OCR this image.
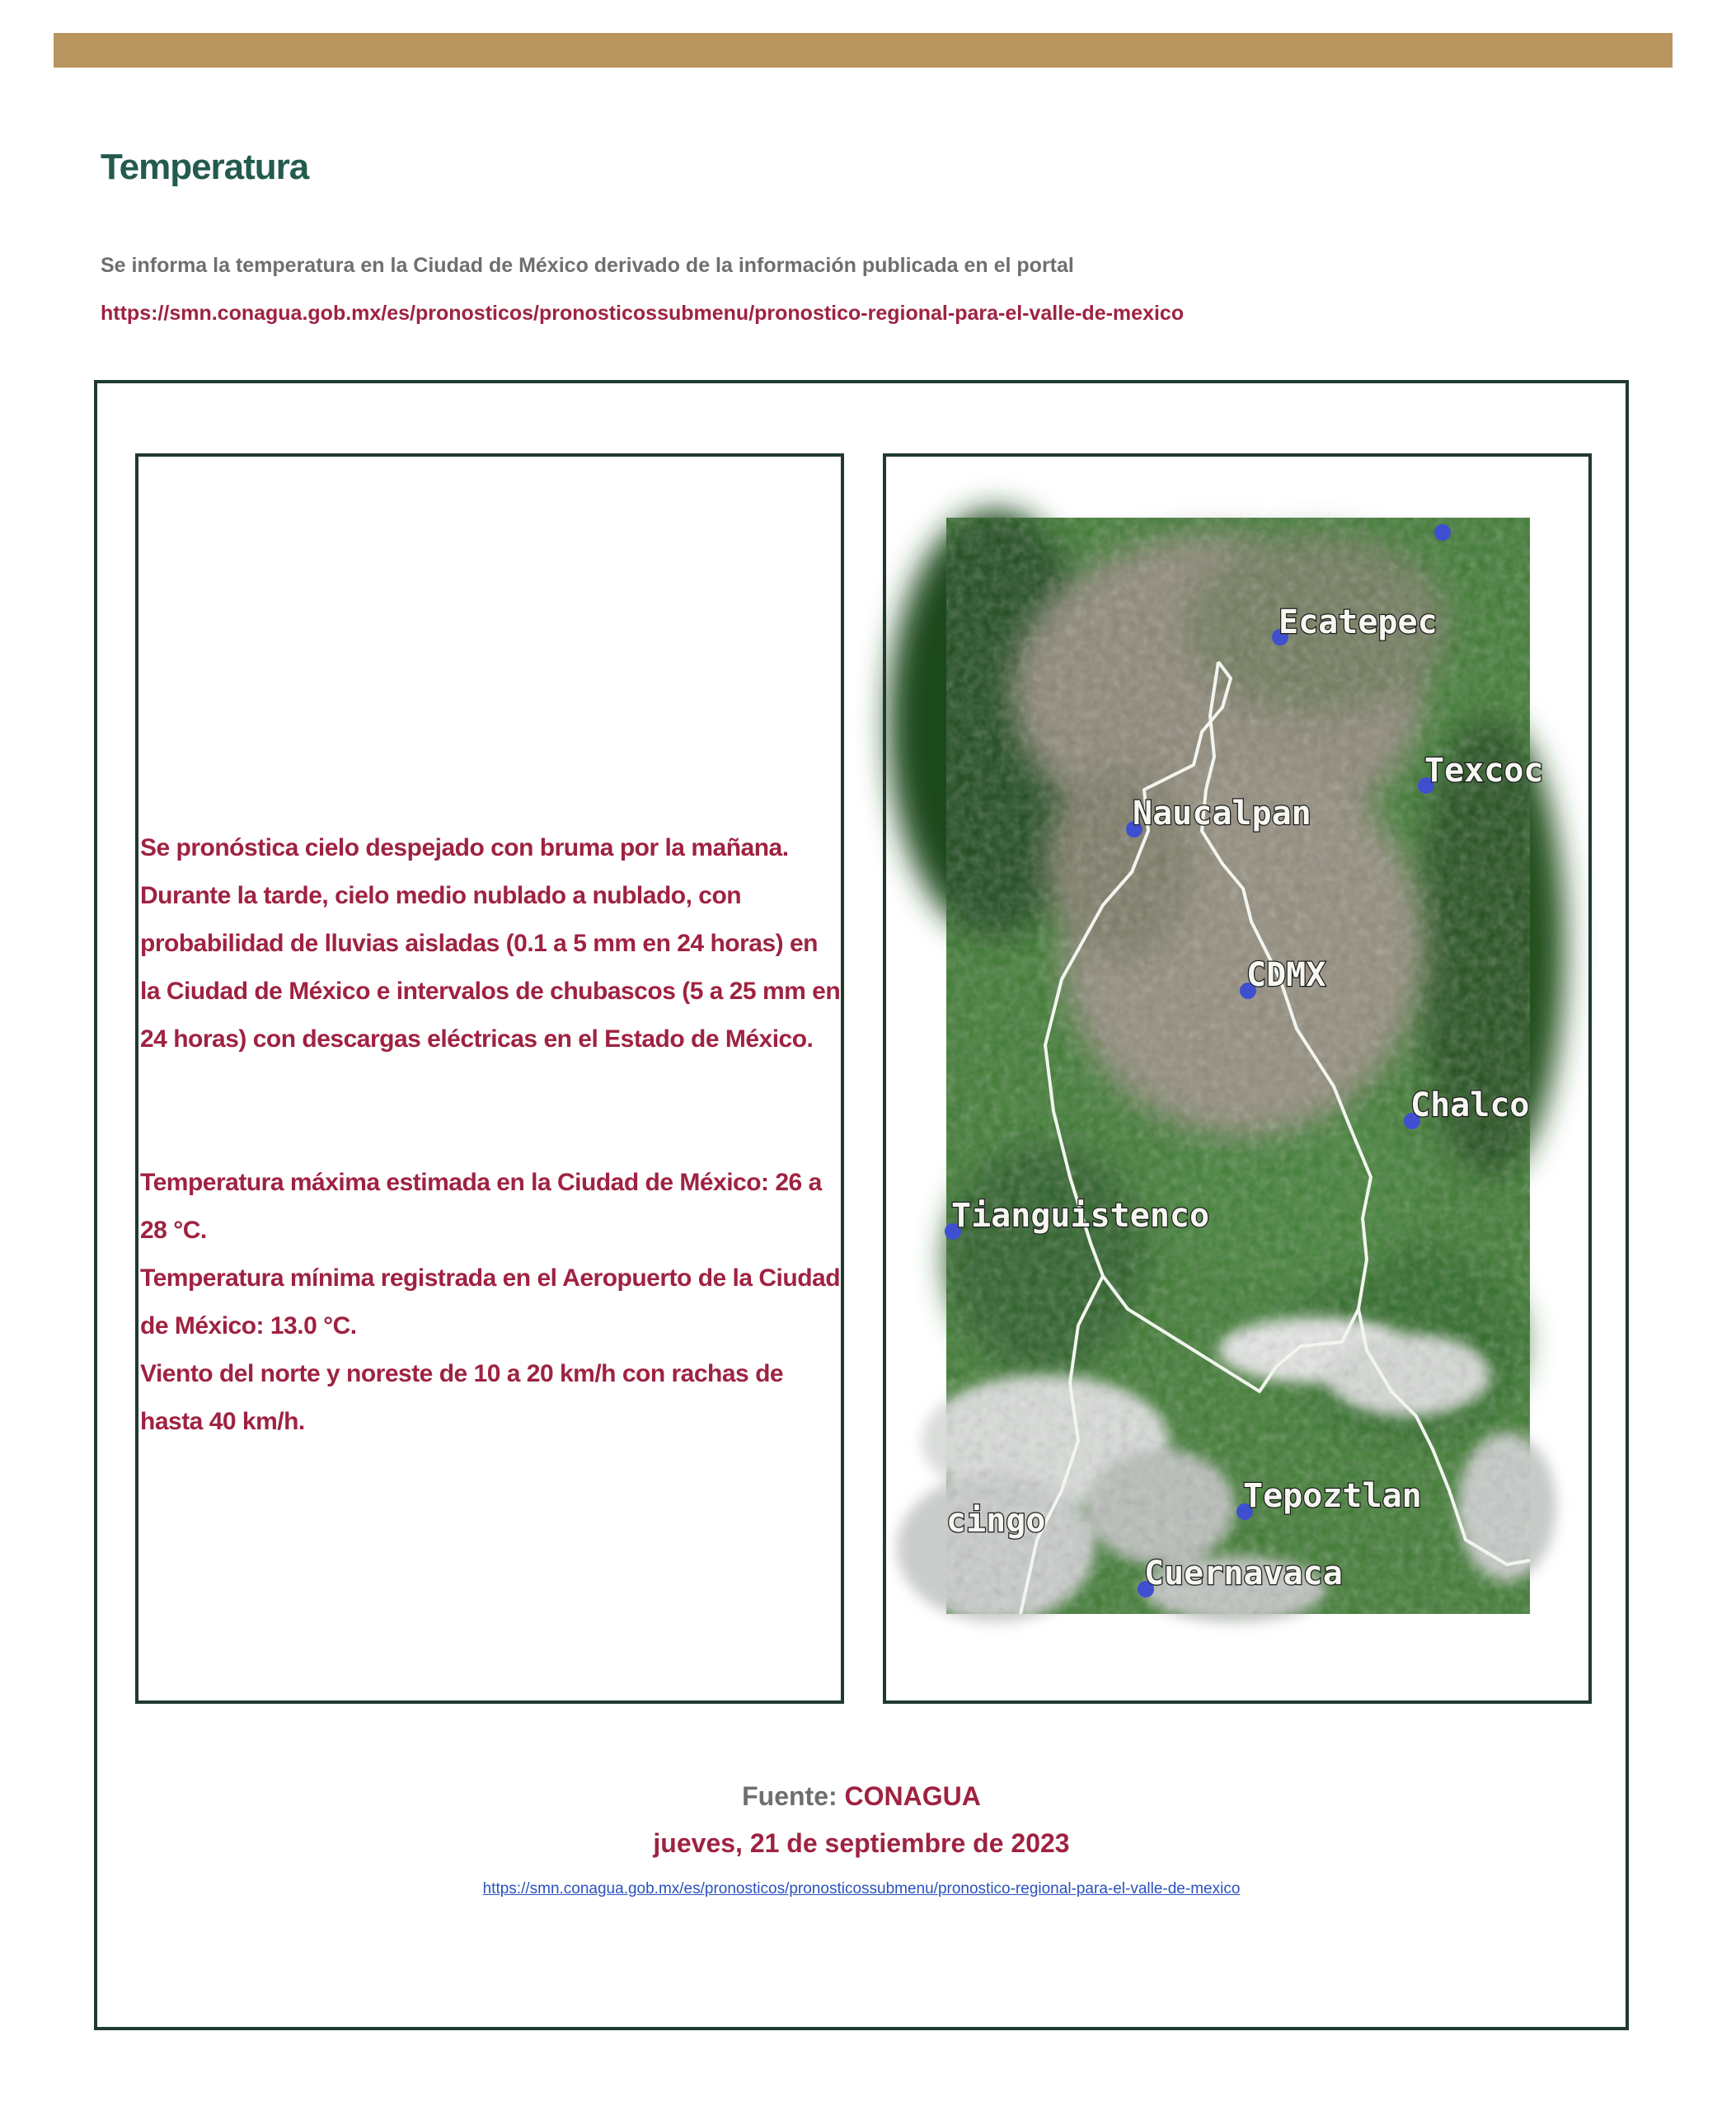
Temperatura
Se informa la temperatura en la Ciudad de México derivado de la información publicada en el portal
https://smn.conagua.gob.mx/es/pronosticos/pronosticossubmenu/pronostico-regional-para-el-valle-de-mexico

Se pronóstica cielo despejado con bruma por la mañana. Durante la tarde, cielo medio nublado a nublado, con probabilidad de lluvias aisladas (0.1 a 5 mm en 24 horas) en la Ciudad de México e intervalos de chubascos (5 a 25 mm en 24 horas) con descargas eléctricas en el Estado de México.

Temperatura máxima estimada en la Ciudad de México: 26 a 28 °C.

Temperatura mínima registrada en el Aeropuerto de la Ciudad de México: 13.0 °C.

Viento del norte y noreste de 10 a 20 km/h con rachas de hasta 40 km/h.

Ecatepec
Texcoc
Naucalpan
CDMX
Chalco
Tianguistenco
Tepoztlan
cingo
Cuernavaca
Fuente: CONAGUA
jueves, 21 de septiembre de 2023
https://smn.conagua.gob.mx/es/pronosticos/pronosticossubmenu/pronostico-regional-para-el-valle-de-mexico
